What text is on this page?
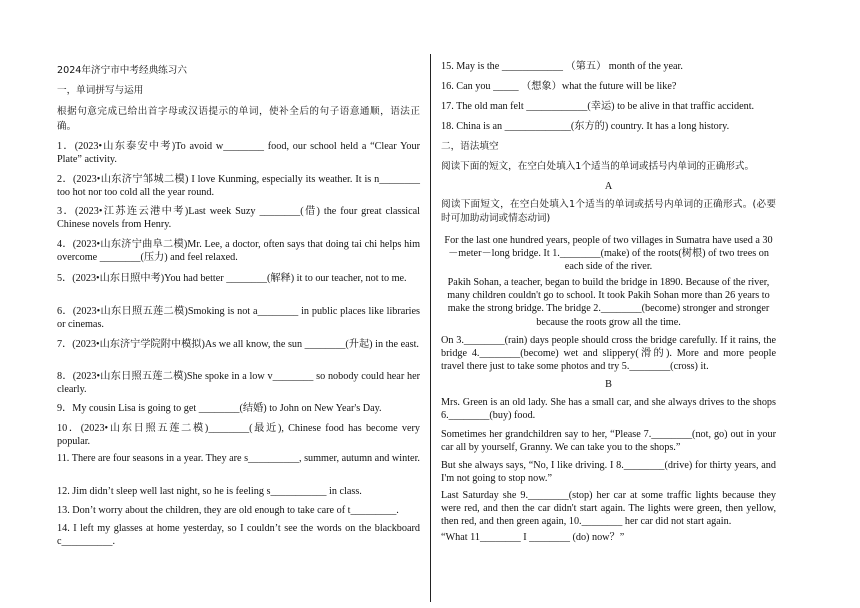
2024年济宁市中考经典练习六

一，单词拼写与运用

根据句意完成已给出首字母或汉语提示的单词，使补全后的句子语意通顺，语法正确。

1．(2023•山东泰安中考)To avoid w________ food, our school held a “Clear Your Plate” activity.

2．(2023•山东济宁邹城二模) I love Kunming, especially its weather. It is n________ too hot nor too cold all the year round.

3．(2023•江苏连云港中考)Last week Suzy ________(借) the four great classical Chinese novels from Henry.

4．(2023•山东济宁曲阜二模)Mr. Lee, a doctor, often says that doing tai chi helps him overcome ________(压力) and feel relaxed.

5．(2023•山东日照中考)You had better ________(解释) it to our teacher, not to me.

6．(2023•山东日照五莲二模)Smoking is not a________ in public places like libraries or cinemas.

7．(2023•山东济宁学院附中模拟)As we all know, the sun ________(升起) in the east.

8．(2023•山东日照五莲二模)She spoke in a low v________ so nobody could hear her clearly.

9．My cousin Lisa is going to get ________(结婚) to John on New Year's Day.

10．(2023•山东日照五莲二模)________(最近), Chinese food has become very popular.

11. There are four seasons in a year. They are s__________, summer, autumn and winter.

12. Jim didn’t sleep well last night, so he is feeling s___________ in class.

13. Don’t worry about the children, they are old enough to take care of t_________.

14. I left my glasses at home yesterday, so I couldn’t see the words on the blackboard c__________.

15. May is the ____________ （第五） month of the year.

16. Can you _____ （想象）what the future will be like?

17. The old man felt ____________(幸运) to be alive in that traffic accident.

18. China is an _____________(东方的) country. It has a long history.

二，语法填空

阅读下面的短文，在空白处填入1个适当的单词或括号内单词的正确形式。

A

阅读下面短文，在空白处填入1个适当的单词或括号内单词的正确形式。(必要时可加助动词或情态动词)

For the last one hundred years, people of two villages in Sumatra have used a 30－meter－long bridge. It 1.________(make) of the roots(树根) of two trees on each side of the river.

Pakih Sohan, a teacher, began to build the bridge in 1890. Because of the river, many children couldn't go to school. It took Pakih Sohan more than 26 years to make the strong bridge. The bridge 2.________(become) stronger and stronger because the roots grow all the time.

On 3.________(rain) days people should cross the bridge carefully. If it rains, the bridge 4.________(become) wet and slippery(滑的). More and more people travel there just to take some photos and try 5.________(cross) it.

B

Mrs. Green is an old lady. She has a small car, and she always drives to the shops 6.________(buy) food.

Sometimes her grandchildren say to her, “Please 7.________(not, go) out in your car all by yourself, Granny. We can take you to the shops.”

But she always says, “No, I like driving. I 8.________(drive) for thirty years, and I'm not going to stop now.”

Last Saturday she 9.________(stop) her car at some traffic lights because they were red, and then the car didn't start again. The lights were green, then yellow, then red, and then green again, 10.________ her car did not start again.

“What 11________ I ________ (do) now？”
